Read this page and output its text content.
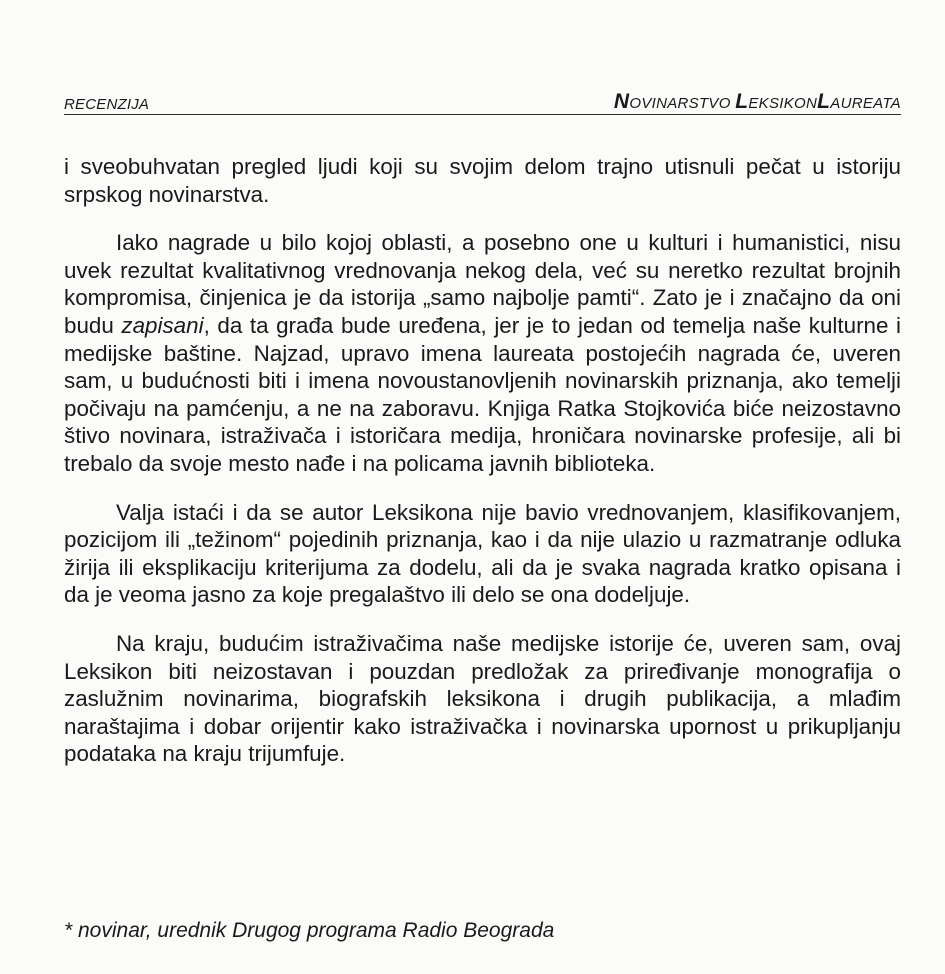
RECENZIJA	NOVINARSTVO LEKSIKONLAUREATA

i sveobuhvatan pregled ljudi koji su svojim delom trajno utisnuli pečat u istoriju srpskog novinarstva.

Iako nagrade u bilo kojoj oblasti, a posebno one u kulturi i humanistici, nisu uvek rezultat kvalitativnog vrednovanja nekog dela, već su neretko rezultat brojnih kompromisa, činjenica je da istorija „samo najbolje pamti“. Zato je i značajno da oni budu zapisani, da ta građa bude uređena, jer je to jedan od temelja naše kulturne i medijske baštine. Najzad, upravo imena laureata postojećih nagrada će, uveren sam, u budućnosti biti i imena novoustanovljenih novinarskih priznanja, ako temelji počivaju na pamćenju, a ne na zaboravu. Knjiga Ratka Stojkovića biće neizostavno štivo novinara, istraživača i istoričara medija, hroničara novinarske profesije, ali bi trebalo da svoje mesto nađe i na policama javnih biblioteka.

Valja istaći i da se autor Leksikona nije bavio vrednovanjem, klasifikovanjem, pozicijom ili „težinom“ pojedinih priznanja, kao i da nije ulazio u razmatranje odluka žirija ili eksplikaciju kriterijuma za dodelu, ali da je svaka nagrada kratko opisana i da je veoma jasno za koje pregalaštvo ili delo se ona dodeljuje.

Na kraju, budućim istraživačima naše medijske istorije će, uveren sam, ovaj Leksikon biti neizostavan i pouzdan predložak za priređivanje monografija o zaslužnim novinarima, biografskih leksikona i drugih publikacija, a mlađim naraštajima i dobar orijentir kako istraživačka i novinarska upornost u prikupljanju podataka na kraju trijumfuje.

* novinar, urednik Drugog programa Radio Beograda
